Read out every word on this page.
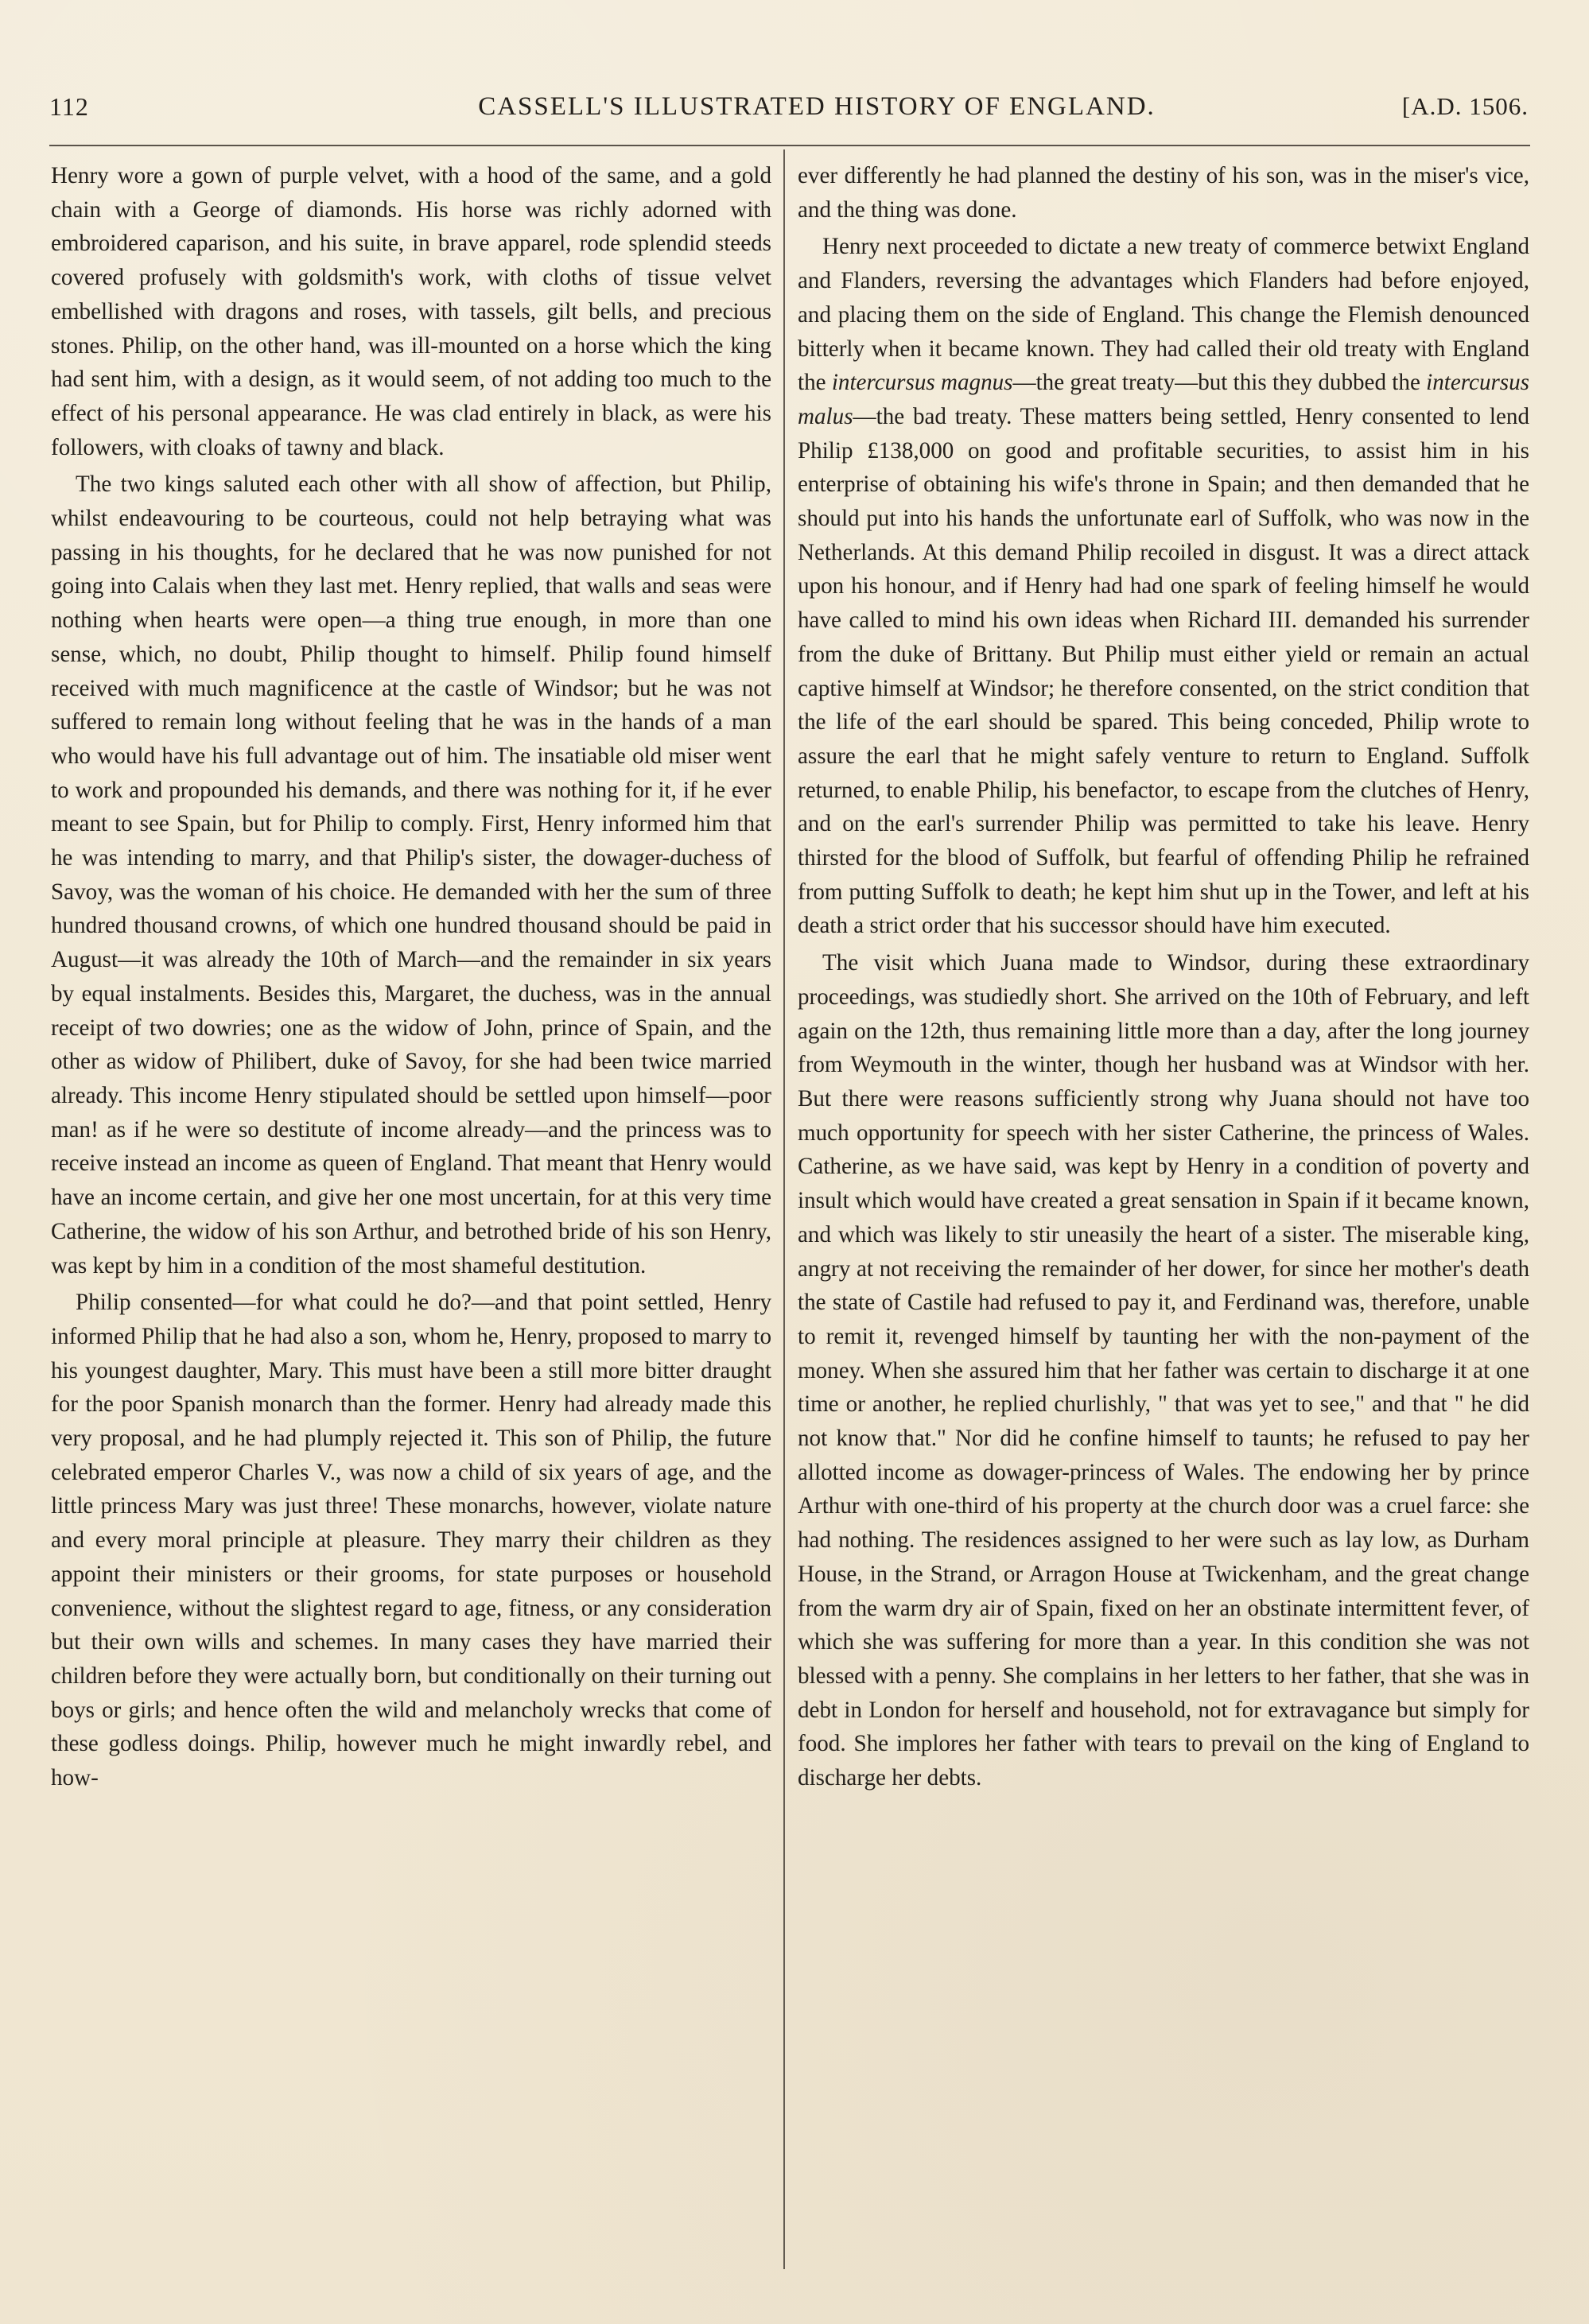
112	CASSELL'S ILLUSTRATED HISTORY OF ENGLAND.	[A.D. 1506.

Henry wore a gown of purple velvet, with a hood of the same, and a gold chain with a George of diamonds. His horse was richly adorned with embroidered caparison, and his suite, in brave apparel, rode splendid steeds covered profusely with goldsmith's work, with cloths of tissue velvet embellished with dragons and roses, with tassels, gilt bells, and precious stones. Philip, on the other hand, was ill-mounted on a horse which the king had sent him, with a design, as it would seem, of not adding too much to the effect of his personal appearance. He was clad entirely in black, as were his followers, with cloaks of tawny and black.

The two kings saluted each other with all show of affection, but Philip, whilst endeavouring to be courteous, could not help betraying what was passing in his thoughts, for he declared that he was now punished for not going into Calais when they last met. Henry replied, that walls and seas were nothing when hearts were open—a thing true enough, in more than one sense, which, no doubt, Philip thought to himself. Philip found himself received with much magnificence at the castle of Windsor; but he was not suffered to remain long without feeling that he was in the hands of a man who would have his full advantage out of him. The insatiable old miser went to work and propounded his demands, and there was nothing for it, if he ever meant to see Spain, but for Philip to comply. First, Henry informed him that he was intending to marry, and that Philip's sister, the dowager-duchess of Savoy, was the woman of his choice. He demanded with her the sum of three hundred thousand crowns, of which one hundred thousand should be paid in August—it was already the 10th of March—and the remainder in six years by equal instalments. Besides this, Margaret, the duchess, was in the annual receipt of two dowries; one as the widow of John, prince of Spain, and the other as widow of Philibert, duke of Savoy, for she had been twice married already. This income Henry stipulated should be settled upon himself—poor man! as if he were so destitute of income already—and the princess was to receive instead an income as queen of England. That meant that Henry would have an income certain, and give her one most uncertain, for at this very time Catherine, the widow of his son Arthur, and betrothed bride of his son Henry, was kept by him in a condition of the most shameful destitution.

Philip consented—for what could he do?—and that point settled, Henry informed Philip that he had also a son, whom he, Henry, proposed to marry to his youngest daughter, Mary. This must have been a still more bitter draught for the poor Spanish monarch than the former. Henry had already made this very proposal, and he had plumply rejected it. This son of Philip, the future celebrated emperor Charles V., was now a child of six years of age, and the little princess Mary was just three! These monarchs, however, violate nature and every moral principle at pleasure. They marry their children as they appoint their ministers or their grooms, for state purposes or household convenience, without the slightest regard to age, fitness, or any consideration but their own wills and schemes. In many cases they have married their children before they were actually born, but conditionally on their turning out boys or girls; and hence often the wild and melancholy wrecks that come of these godless doings. Philip, however much he might inwardly rebel, and how-

ever differently he had planned the destiny of his son, was in the miser's vice, and the thing was done.

Henry next proceeded to dictate a new treaty of commerce betwixt England and Flanders, reversing the advantages which Flanders had before enjoyed, and placing them on the side of England. This change the Flemish denounced bitterly when it became known. They had called their old treaty with England the intercursus magnus—the great treaty—but this they dubbed the intercursus malus—the bad treaty. These matters being settled, Henry consented to lend Philip £138,000 on good and profitable securities, to assist him in his enterprise of obtaining his wife's throne in Spain; and then demanded that he should put into his hands the unfortunate earl of Suffolk, who was now in the Netherlands. At this demand Philip recoiled in disgust. It was a direct attack upon his honour, and if Henry had had one spark of feeling himself he would have called to mind his own ideas when Richard III. demanded his surrender from the duke of Brittany. But Philip must either yield or remain an actual captive himself at Windsor; he therefore consented, on the strict condition that the life of the earl should be spared. This being conceded, Philip wrote to assure the earl that he might safely venture to return to England. Suffolk returned, to enable Philip, his benefactor, to escape from the clutches of Henry, and on the earl's surrender Philip was permitted to take his leave. Henry thirsted for the blood of Suffolk, but fearful of offending Philip he refrained from putting Suffolk to death; he kept him shut up in the Tower, and left at his death a strict order that his successor should have him executed.

The visit which Juana made to Windsor, during these extraordinary proceedings, was studiedly short. She arrived on the 10th of February, and left again on the 12th, thus remaining little more than a day, after the long journey from Weymouth in the winter, though her husband was at Windsor with her. But there were reasons sufficiently strong why Juana should not have too much opportunity for speech with her sister Catherine, the princess of Wales. Catherine, as we have said, was kept by Henry in a condition of poverty and insult which would have created a great sensation in Spain if it became known, and which was likely to stir uneasily the heart of a sister. The miserable king, angry at not receiving the remainder of her dower, for since her mother's death the state of Castile had refused to pay it, and Ferdinand was, therefore, unable to remit it, revenged himself by taunting her with the non-payment of the money. When she assured him that her father was certain to discharge it at one time or another, he replied churlishly, " that was yet to see," and that " he did not know that." Nor did he confine himself to taunts; he refused to pay her allotted income as dowager-princess of Wales. The endowing her by prince Arthur with one-third of his property at the church door was a cruel farce: she had nothing. The residences assigned to her were such as lay low, as Durham House, in the Strand, or Arragon House at Twickenham, and the great change from the warm dry air of Spain, fixed on her an obstinate intermittent fever, of which she was suffering for more than a year. In this condition she was not blessed with a penny. She complains in her letters to her father, that she was in debt in London for herself and household, not for extravagance but simply for food. She implores her father with tears to prevail on the king of England to discharge her debts.
